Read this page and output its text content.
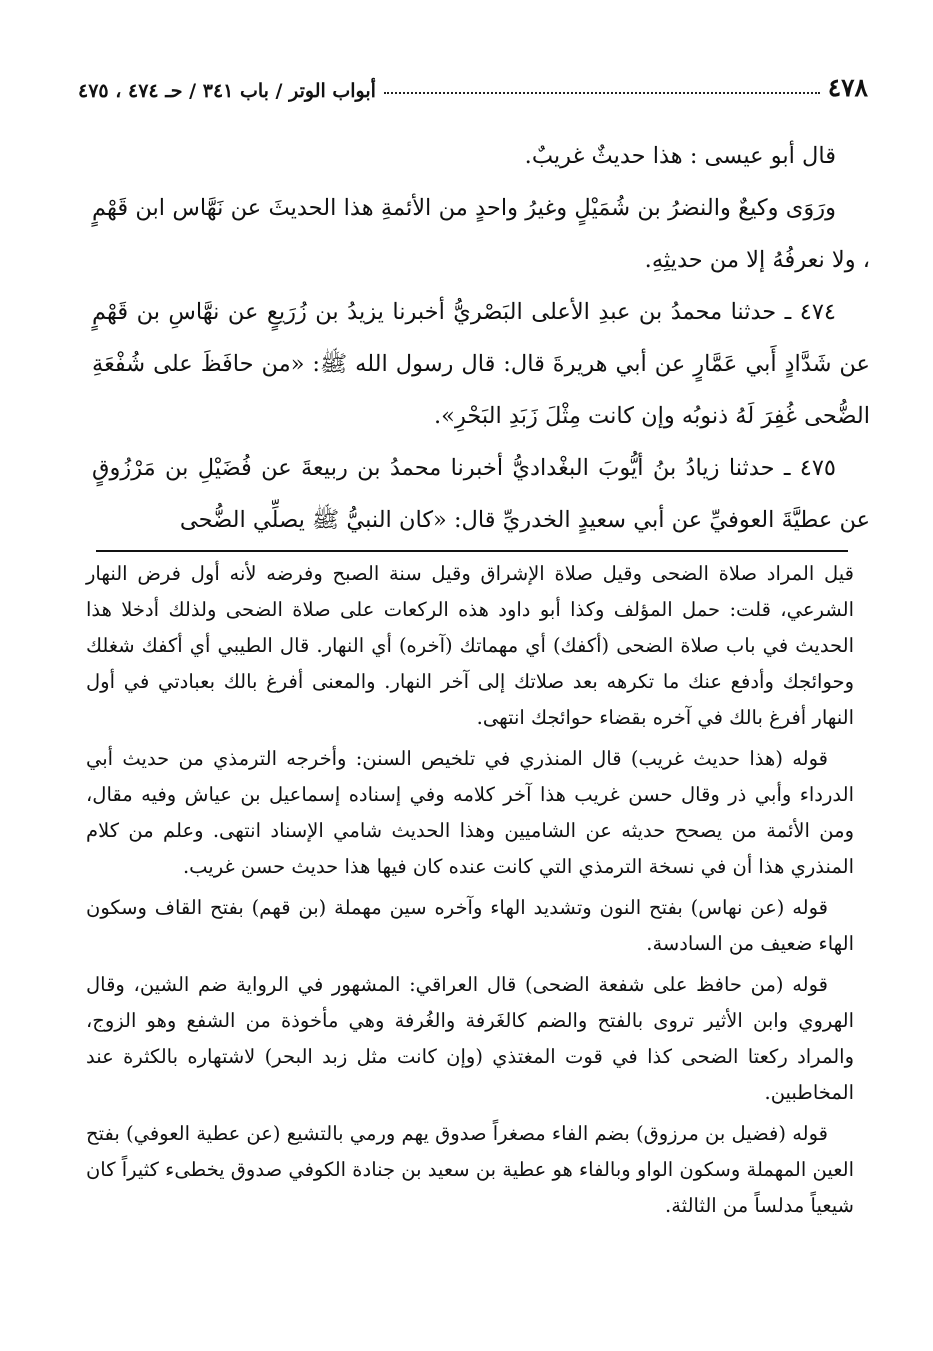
٤٧٨
أبواب الوتر / باب ٣٤١ / حـ ٤٧٤ ، ٤٧٥

قال أبو عيسى : هذا حديثٌ غريبٌ.

ورَوَى وكيعٌ والنضرُ بن شُمَيْلٍ وغيرُ واحدٍ من الأئمةِ هذا الحديثَ عن نَهَّاس ابن قَهْمٍ ، ولا نعرفُهُ إلا من حديثِهِ.

٤٧٤ ـ حدثنا محمدُ بن عبدِ الأعلى البَصْريُّ أخبرنا يزيدُ بن زُرَيعٍ عن نهَّاسِ بن قَهْمٍ عن شَدَّادٍ أَبي عَمَّارٍ عن أبي هريرةَ قال: قال رسول الله ﷺ: «من حافَظَ على شُفْعَةِ الضُّحى غُفِرَ لَهُ ذنوبُه وإن كانت مِثْلَ زَبَدِ البَحْرِ».

٤٧٥ ـ حدثنا زيادُ بنُ أيُّوبَ البغْداديُّ أخبرنا محمدُ بن ربيعةَ عن فُضَيْلِ بن مَرْزُوقٍ عن عطيَّةَ العوفيِّ عن أبي سعيدٍ الخدريِّ قال: «كان النبيُّ ﷺ يصلِّي الضُّحى

قيل المراد صلاة الضحى وقيل صلاة الإشراق وقيل سنة الصبح وفرضه لأنه أول فرض النهار الشرعي، قلت: حمل المؤلف وكذا أبو داود هذه الركعات على صلاة الضحى ولذلك أدخلا هذا الحديث في باب صلاة الضحى (أكفك) أي مهماتك (آخره) أي النهار. قال الطيبي أي أكفك شغلك وحوائجك وأدفع عنك ما تكرهه بعد صلاتك إلى آخر النهار. والمعنى أفرغ بالك بعبادتي في أول النهار أفرغ بالك في آخره بقضاء حوائجك انتهى.

قوله (هذا حديث غريب) قال المنذري في تلخيص السنن: وأخرجه الترمذي من حديث أبي الدرداء وأبي ذر وقال حسن غريب هذا آخر كلامه وفي إسناده إسماعيل بن عياش وفيه مقال، ومن الأئمة من يصحح حديثه عن الشاميين وهذا الحديث شامي الإسناد انتهى. وعلم من كلام المنذري هذا أن في نسخة الترمذي التي كانت عنده كان فيها هذا حديث حسن غريب.

قوله (عن نهاس) بفتح النون وتشديد الهاء وآخره سين مهملة (بن قهم) بفتح القاف وسكون الهاء ضعيف من السادسة.

قوله (من حافظ على شفعة الضحى) قال العراقي: المشهور في الرواية ضم الشين، وقال الهروي وابن الأثير تروى بالفتح والضم كالغَرفة والغُرفة وهي مأخوذة من الشفع وهو الزوج، والمراد ركعتا الضحى كذا في قوت المغتذي (وإن كانت مثل زبد البحر) لاشتهاره بالكثرة عند المخاطبين.

قوله (فضيل بن مرزوق) بضم الفاء مصغراً صدوق يهم ورمي بالتشيع (عن عطية العوفي) بفتح العين المهملة وسكون الواو وبالفاء هو عطية بن سعيد بن جنادة الكوفي صدوق يخطىء كثيراً كان شيعياً مدلساً من الثالثة.
